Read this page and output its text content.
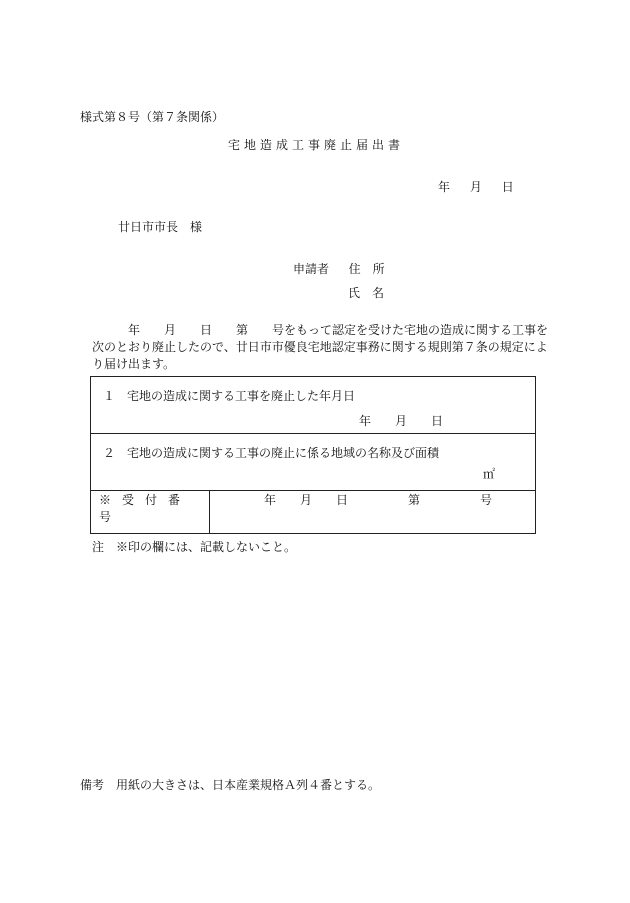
様式第８号（第７条関係）
宅地造成工事廃止届出書
年 月 日
廿日市市長　様
申請者 住　所
氏　名
年　　月　　日　　第　　号をもって認定を受けた宅地の造成に関する工事を次のとおり廃止したので、廿日市市優良宅地認定事務に関する規則第７条の規定により届け出ます。
１　宅地の造成に関する工事を廃止した年月日
年　　月　　日

２　宅地の造成に関する工事の廃止に係る地域の名称及び面積
㎡

※受付番号	年　　月　　日　　　　　第　　　　　号
注　※印の欄には、記載しないこと。
備考　用紙の大きさは、日本産業規格Ａ列４番とする。
